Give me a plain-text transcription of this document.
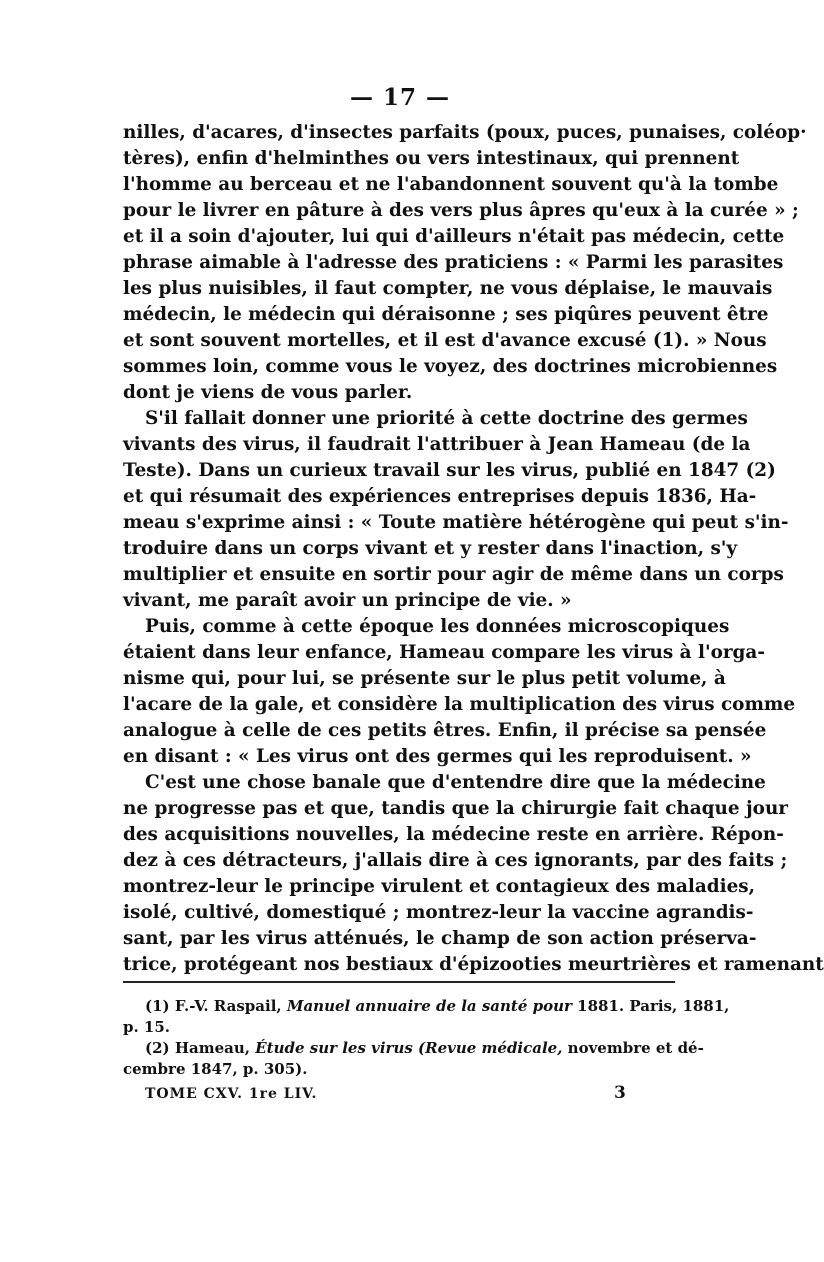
— 17 —
nilles, d'acares, d'insectes parfaits (poux, puces, punaises, coléop·
tères), enfin d'helminthes ou vers intestinaux, qui prennent
l'homme au berceau et ne l'abandonnent souvent qu'à la tombe
pour le livrer en pâture à des vers plus âpres qu'eux à la curée » ;
et il a soin d'ajouter, lui qui d'ailleurs n'était pas médecin, cette
phrase aimable à l'adresse des praticiens : « Parmi les parasites
les plus nuisibles, il faut compter, ne vous déplaise, le mauvais
médecin, le médecin qui déraisonne ; ses piqûres peuvent être
et sont souvent mortelles, et il est d'avance excusé (1). » Nous
sommes loin, comme vous le voyez, des doctrines microbiennes
dont je viens de vous parler.
S'il fallait donner une priorité à cette doctrine des germes
vivants des virus, il faudrait l'attribuer à Jean Hameau (de la
Teste). Dans un curieux travail sur les virus, publié en 1847 (2)
et qui résumait des expériences entreprises depuis 1836, Ha-
meau s'exprime ainsi : « Toute matière hétérogène qui peut s'in-
troduire dans un corps vivant et y rester dans l'inaction, s'y
multiplier et ensuite en sortir pour agir de même dans un corps
vivant, me paraît avoir un principe de vie. »
Puis, comme à cette époque les données microscopiques
étaient dans leur enfance, Hameau compare les virus à l'orga-
nisme qui, pour lui, se présente sur le plus petit volume, à
l'acare de la gale, et considère la multiplication des virus comme
analogue à celle de ces petits êtres. Enfin, il précise sa pensée
en disant : « Les virus ont des germes qui les reproduisent. »
C'est une chose banale que d'entendre dire que la médecine
ne progresse pas et que, tandis que la chirurgie fait chaque jour
des acquisitions nouvelles, la médecine reste en arrière. Répon-
dez à ces détracteurs, j'allais dire à ces ignorants, par des faits ;
montrez-leur le principe virulent et contagieux des maladies,
isolé, cultivé, domestiqué ; montrez-leur la vaccine agrandis-
sant, par les virus atténués, le champ de son action préserva-
trice, protégeant nos bestiaux d'épizooties meurtrières et ramenant
(1) F.-V. Raspail, Manuel annuaire de la santé pour 1881. Paris, 1881,
p. 15.
(2) Hameau, Étude sur les virus (Revue médicale, novembre et dé-
cembre 1847, p. 305).
TOME CXV. 1re LIV.	3
